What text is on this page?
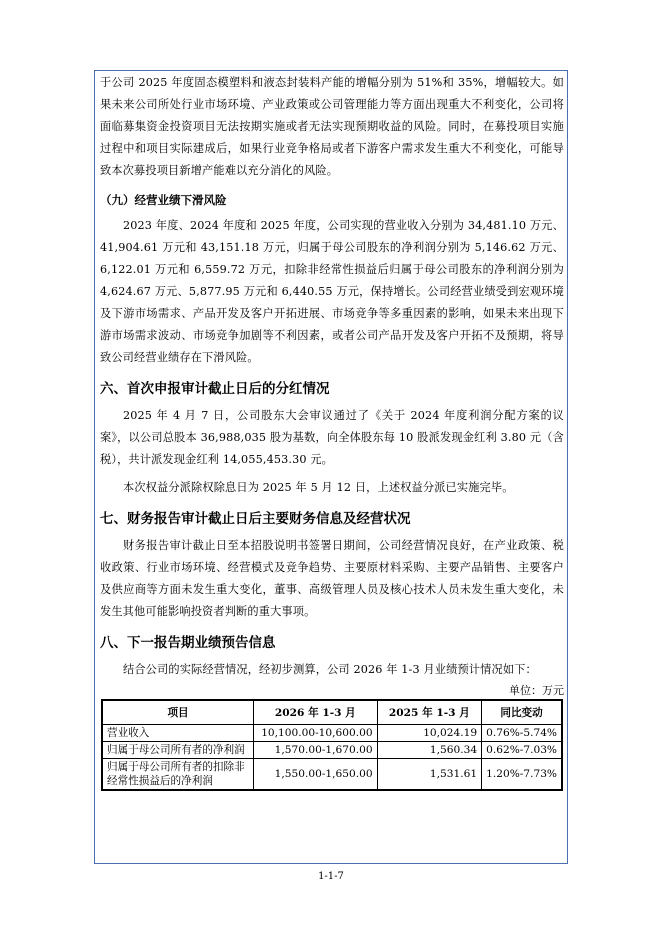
于公司 2025 年度固态模塑料和液态封装料产能的增幅分别为 51%和 35%，增幅较大。如果未来公司所处行业市场环境、产业政策或公司管理能力等方面出现重大不利变化，公司将面临募集资金投资项目无法按期实施或者无法实现预期收益的风险。同时，在募投项目实施过程中和项目实际建成后，如果行业竞争格局或者下游客户需求发生重大不利变化，可能导致本次募投项目新增产能难以充分消化的风险。

（九）经营业绩下滑风险

2023 年度、2024 年度和 2025 年度，公司实现的营业收入分别为 34,481.10 万元、41,904.61 万元和 43,151.18 万元，归属于母公司股东的净利润分别为 5,146.62 万元、6,122.01 万元和 6,559.72 万元，扣除非经常性损益后归属于母公司股东的净利润分别为 4,624.67 万元、5,877.95 万元和 6,440.55 万元，保持增长。公司经营业绩受到宏观环境及下游市场需求、产品开发及客户开拓进展、市场竞争等多重因素的影响，如果未来出现下游市场需求波动、市场竞争加剧等不利因素，或者公司产品开发及客户开拓不及预期，将导致公司经营业绩存在下滑风险。

六、首次申报审计截止日后的分红情况

2025 年 4 月 7 日，公司股东大会审议通过了《关于 2024 年度利润分配方案的议案》，以公司总股本 36,988,035 股为基数，向全体股东每 10 股派发现金红利 3.80 元（含税），共计派发现金红利 14,055,453.30 元。

本次权益分派除权除息日为 2025 年 5 月 12 日，上述权益分派已实施完毕。

七、财务报告审计截止日后主要财务信息及经营状况

财务报告审计截止日至本招股说明书签署日期间，公司经营情况良好，在产业政策、税收政策、行业市场环境、经营模式及竞争趋势、主要原材料采购、主要产品销售、主要客户及供应商等方面未发生重大变化，董事、高级管理人员及核心技术人员未发生重大变化，未发生其他可能影响投资者判断的重大事项。

八、下一报告期业绩预告信息

结合公司的实际经营情况，经初步测算，公司 2026 年 1-3 月业绩预计情况如下：

单位：万元
项目	2026 年 1-3 月	2025 年 1-3 月	同比变动
营业收入	10,100.00-10,600.00	10,024.19	0.76%-5.74%
归属于母公司所有者的净利润	1,570.00-1,670.00	1,560.34	0.62%-7.03%
归属于母公司所有者的扣除非经常性损益后的净利润	1,550.00-1,650.00	1,531.61	1.20%-7.73%
1-1-7
